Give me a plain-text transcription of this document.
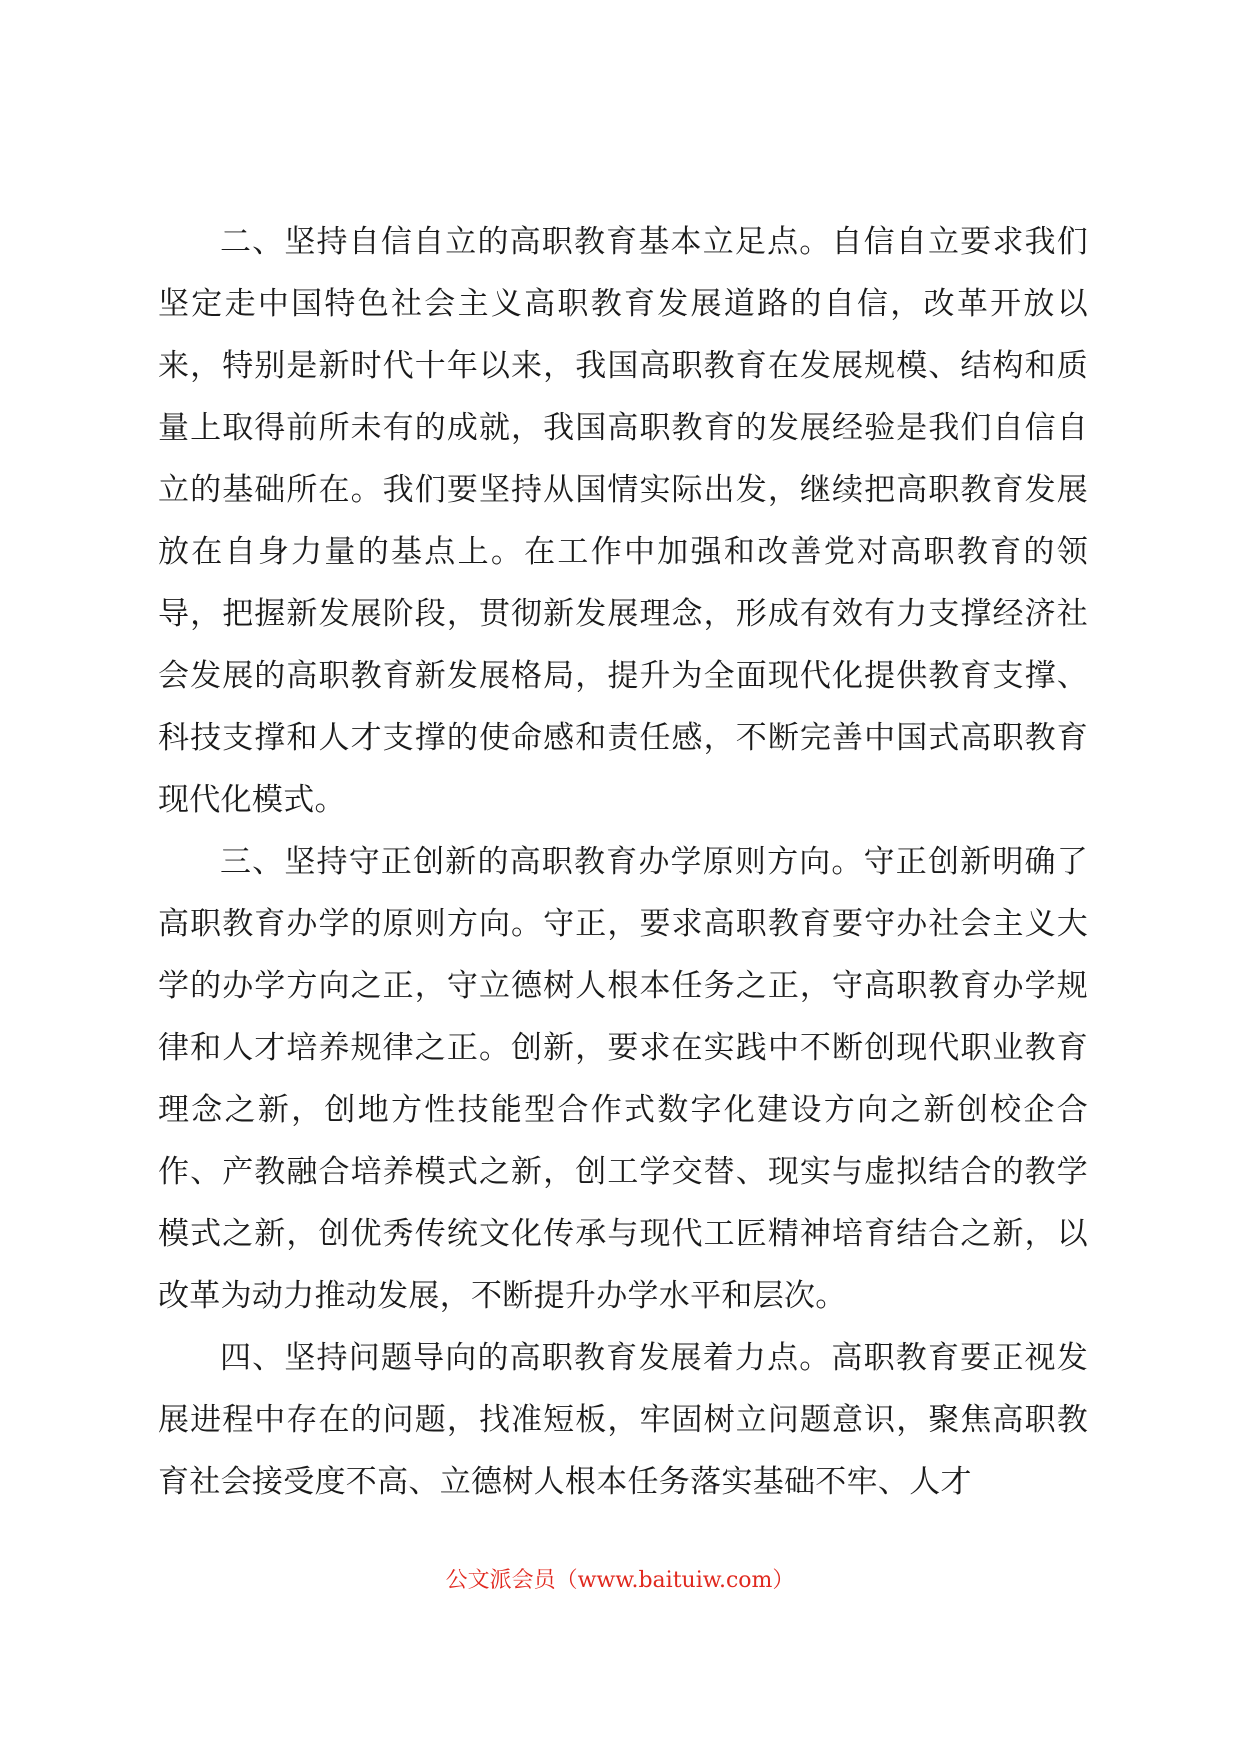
二、坚持自信自立的高职教育基本立足点。自信自立要求我们坚定走中国特色社会主义高职教育发展道路的自信，改革开放以来，特别是新时代十年以来，我国高职教育在发展规模、结构和质量上取得前所未有的成就，我国高职教育的发展经验是我们自信自立的基础所在。我们要坚持从国情实际出发，继续把高职教育发展放在自身力量的基点上。在工作中加强和改善党对高职教育的领导，把握新发展阶段，贯彻新发展理念，形成有效有力支撑经济社会发展的高职教育新发展格局，提升为全面现代化提供教育支撑、科技支撑和人才支撑的使命感和责任感，不断完善中国式高职教育现代化模式。

三、坚持守正创新的高职教育办学原则方向。守正创新明确了高职教育办学的原则方向。守正，要求高职教育要守办社会主义大学的办学方向之正，守立德树人根本任务之正，守高职教育办学规律和人才培养规律之正。创新，要求在实践中不断创现代职业教育理念之新，创地方性技能型合作式数字化建设方向之新创校企合作、产教融合培养模式之新，创工学交替、现实与虚拟结合的教学模式之新，创优秀传统文化传承与现代工匠精神培育结合之新，以改革为动力推动发展，不断提升办学水平和层次。

四、坚持问题导向的高职教育发展着力点。高职教育要正视发展进程中存在的问题，找准短板，牢固树立问题意识，聚焦高职教育社会接受度不高、立德树人根本任务落实基础不牢、人才

公文派会员（www.baituiw.com）
